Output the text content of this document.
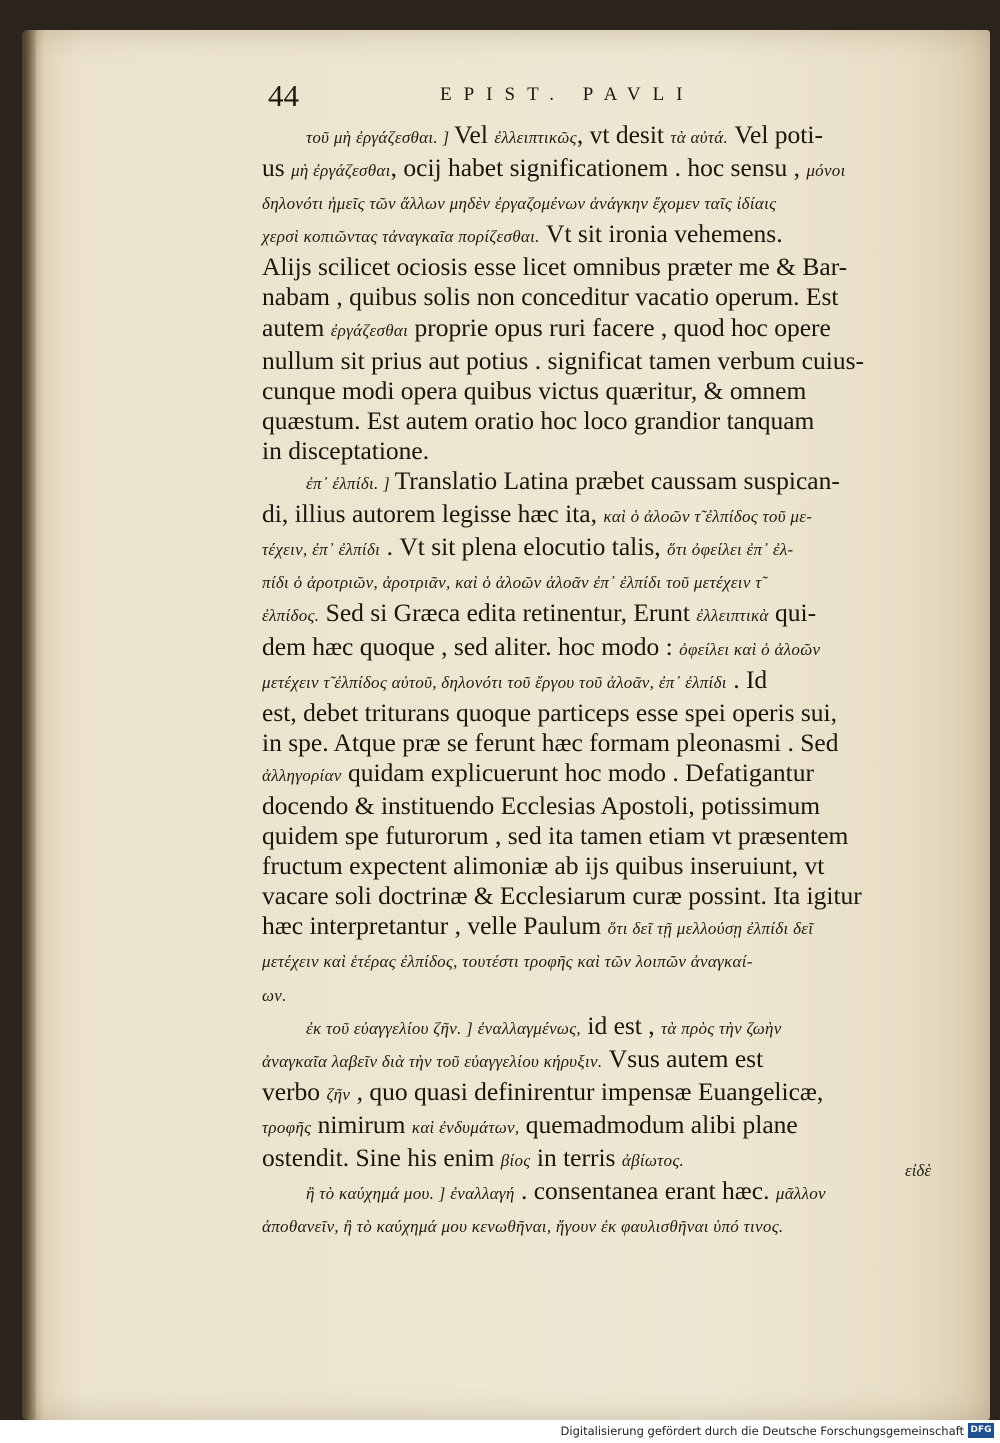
44	EPIST. PAVLI
τοῦ μὴ ἐργάζεσθαι. ] Vel ἐλλειπτικῶς, vt desit τὰ αὐτά. Vel poti-
us μὴ ἐργάζεσθαι, ocij habet significationem . hoc sensu , μόνοι
δηλονότι ἡμεῖς τῶν ἄλλων μηδὲν ἐργαζομένων ἀνάγκην ἔχομεν ταῖς ἰδίαις
χερσὶ κοπιῶντας τἀναγκαῖα πορίζεσθαι. Vt sit ironia vehemens.
Alijs scilicet ociosis esse licet omnibus præter me & Bar-
nabam , quibus solis non conceditur vacatio operum. Est
autem ἐργάζεσθαι proprie opus ruri facere , quod hoc opere
nullum sit prius aut potius . significat tamen verbum cuius-
cunque modi opera quibus victus quæritur, & omnem
quæstum. Est autem oratio hoc loco grandior tanquam
in disceptatione.
ἐπ᾽ ἐλπίδι. ] Translatio Latina præbet caussam suspican-
di, illius autorem legisse hæc ita, καὶ ὁ ἀλοῶν τ̃ ἐλπίδος τοῦ με-
τέχειν, ἐπ᾽ ἐλπίδι . Vt sit plena elocutio talis, ὅτι ὀφείλει ἐπ᾽ ἐλ-
πίδι ὁ ἀροτριῶν, ἀροτριᾶν, καὶ ὁ ἀλοῶν ἀλοᾶν ἐπ᾽ ἐλπίδι τοῦ μετέχειν τ̃
ἐλπίδος. Sed si Græca edita retinentur, Erunt ἐλλειπτικὰ qui-
dem hæc quoque , sed aliter. hoc modo : ὀφείλει καὶ ὁ ἀλοῶν
μετέχειν τ̃ ἐλπίδος αὐτοῦ, δηλονότι τοῦ ἔργου τοῦ ἀλοᾶν, ἐπ᾽ ἐλπίδι . Id
est, debet triturans quoque particeps esse spei operis sui,
in spe. Atque præ se ferunt hæc formam pleonasmi . Sed
ἀλληγορίαν quidam explicuerunt hoc modo . Defatigantur
docendo & instituendo Ecclesias Apostoli, potissimum
quidem spe futurorum , sed ita tamen etiam vt præsentem
fructum expectent alimoniæ ab ijs quibus inseruiunt, vt
vacare soli doctrinæ & Ecclesiarum curæ possint. Ita igitur
hæc interpretantur , velle Paulum ὅτι δεῖ τῇ μελλούσῃ ἐλπίδι δεῖ
μετέχειν καὶ ἑτέρας ἐλπίδος, τουτέστι τροφῆς καὶ τῶν λοιπῶν ἀναγκαί-
ων.
ἐκ τοῦ εὐαγγελίου ζῆν. ] ἐναλλαγμένως, id est , τὰ πρὸς τὴν ζωὴν
ἀναγκαῖα λαβεῖν διὰ τὴν τοῦ εὐαγγελίου κήρυξιν. Vsus autem est
verbo ζῆν , quo quasi definirentur impensæ Euangelicæ,
τροφῆς nimirum καὶ ἐνδυμάτων, quemadmodum alibi plane
ostendit. Sine his enim βίος in terris ἀβίωτος.
ἢ τὸ καύχημά μου. ] ἐναλλαγή . consentanea erant hæc. μᾶλλον
ἀποθανεῖν, ἢ τὸ καύχημά μου κενωθῆναι, ἤγουν ἐκ φαυλισθῆναι ὑπό τινος.
εἰδὲ
Digitalisierung gefördert durch die Deutsche Forschungsgemeinschaft DFG
